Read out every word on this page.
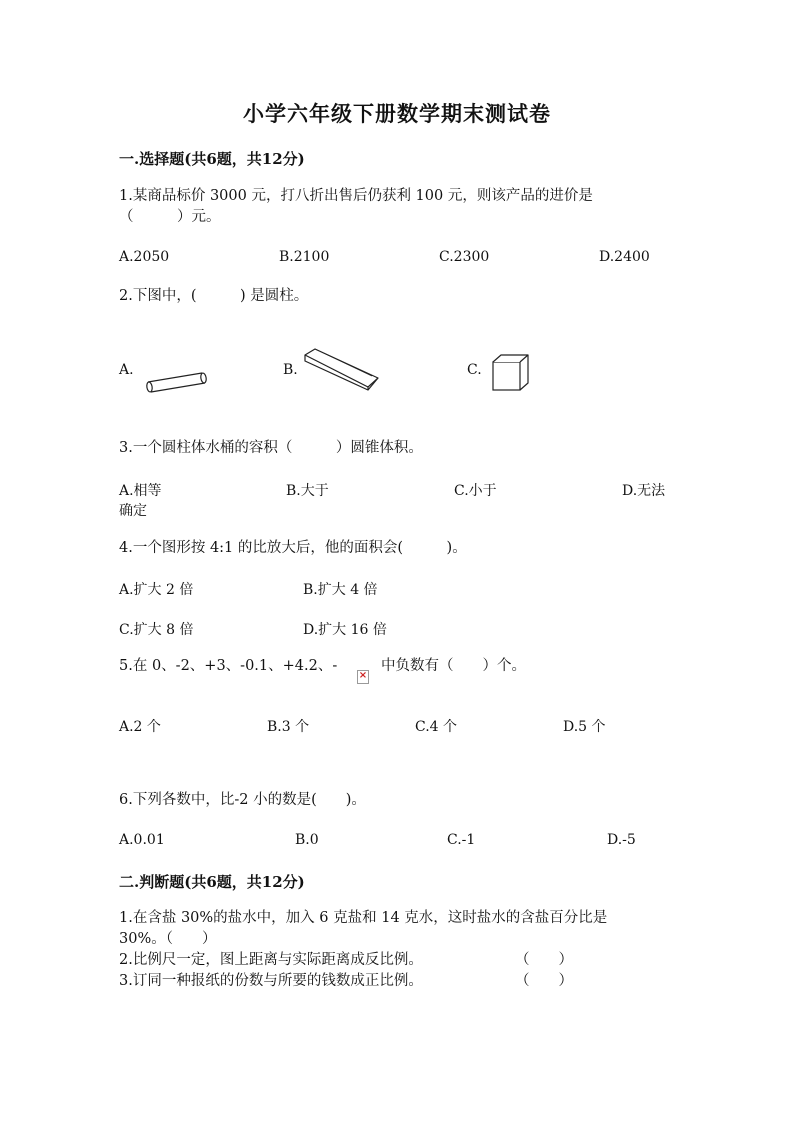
小学六年级下册数学期末测试卷
一.选择题(共6题，共12分)
1.某商品标价 3000 元，打八折出售后仍获利 100 元，则该产品的进价是
（　　　）元。
A.2050	B.2100	C.2300	D.2400
2.下图中，(　　　) 是圆柱。
A.	B.	C.
3.一个圆柱体水桶的容积（　　　）圆锥体积。
A.相等	B.大于	C.小于	D.无法
确定
4.一个图形按 4:1 的比放大后，他的面积会(　　　)。
A.扩大 2 倍	B.扩大 4 倍
C.扩大 8 倍	D.扩大 16 倍
5.在 0、-2、+3、-0.1、+4.2、-
×
中负数有（　　）个。
A.2 个	B.3 个	C.4 个	D.5 个
6.下列各数中，比-2 小的数是(　　)。
A.0.01	B.0	C.-1	D.-5
二.判断题(共6题，共12分)
1.在含盐 30%的盐水中，加入 6 克盐和 14 克水，这时盐水的含盐百分比是
30%。（　　）
2.比例尺一定，图上距离与实际距离成反比例。	（　　）
3.订同一种报纸的份数与所要的钱数成正比例。	（　　）
